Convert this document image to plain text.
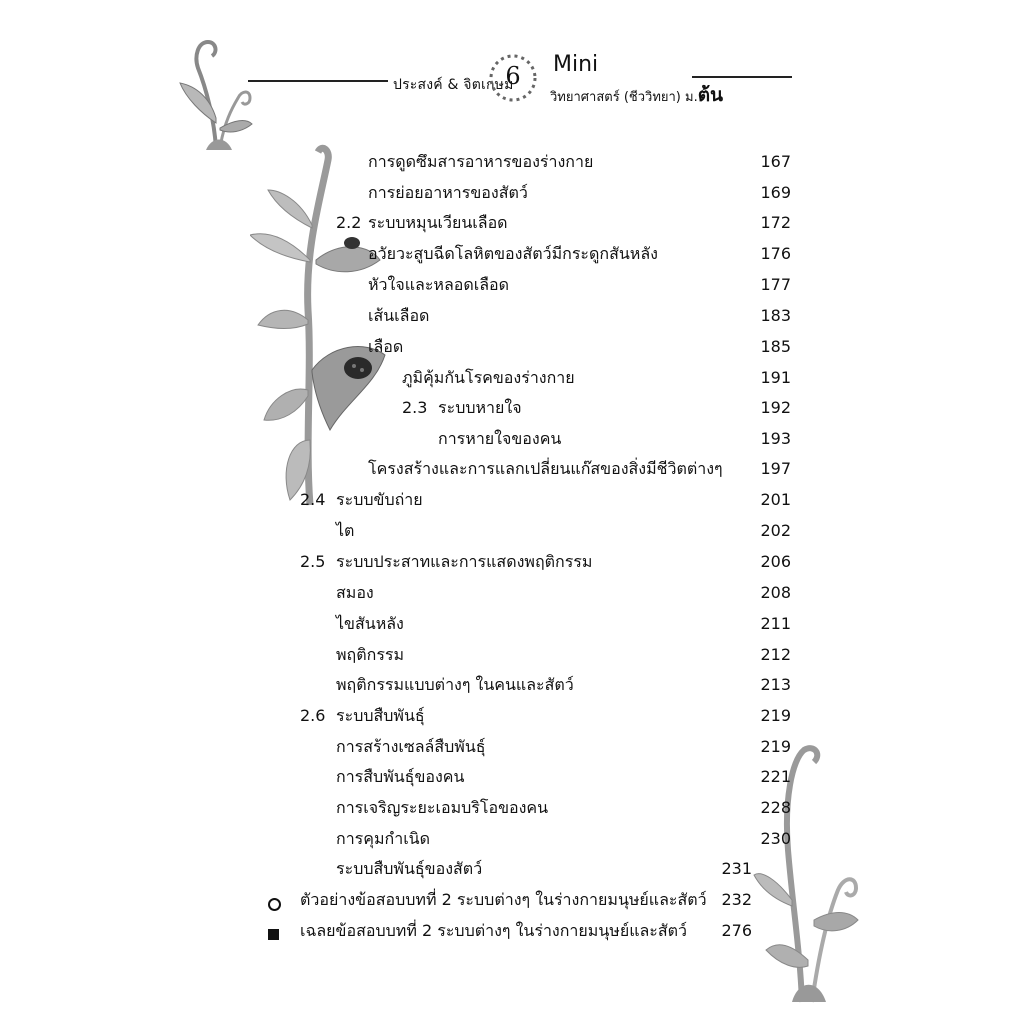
ประสงค์ & จิตเกษม
6	Mini
วิทยาศาสตร์ (ชีววิทยา) ม.ต้น
การดูดซึมสารอาหารของร่างกาย	167
การย่อยอาหารของสัตว์	169
2.2 ระบบหมุนเวียนเลือด	172
อวัยวะสูบฉีดโลหิตของสัตว์มีกระดูกสันหลัง	176
หัวใจและหลอดเลือด	177
เส้นเลือด	183
เลือด	185
ภูมิคุ้มกันโรคของร่างกาย	191
2.3 ระบบหายใจ	192
การหายใจของคน	193
โครงสร้างและการแลกเปลี่ยนแก๊สของสิ่งมีชีวิตต่างๆ	197
2.4 ระบบขับถ่าย	201
ไต	202
2.5 ระบบประสาทและการแสดงพฤติกรรม	206
สมอง	208
ไขสันหลัง	211
พฤติกรรม	212
พฤติกรรมแบบต่างๆ ในคนและสัตว์	213
2.6 ระบบสืบพันธุ์	219
การสร้างเซลล์สืบพันธุ์	219
การสืบพันธุ์ของคน	221
การเจริญระยะเอมบริโอของคน	228
การคุมกำเนิด	230
ระบบสืบพันธุ์ของสัตว์	231
ตัวอย่างข้อสอบบทที่ 2 ระบบต่างๆ ในร่างกายมนุษย์และสัตว์ 232
เฉลยข้อสอบบทที่ 2 ระบบต่างๆ ในร่างกายมนุษย์และสัตว์	276
